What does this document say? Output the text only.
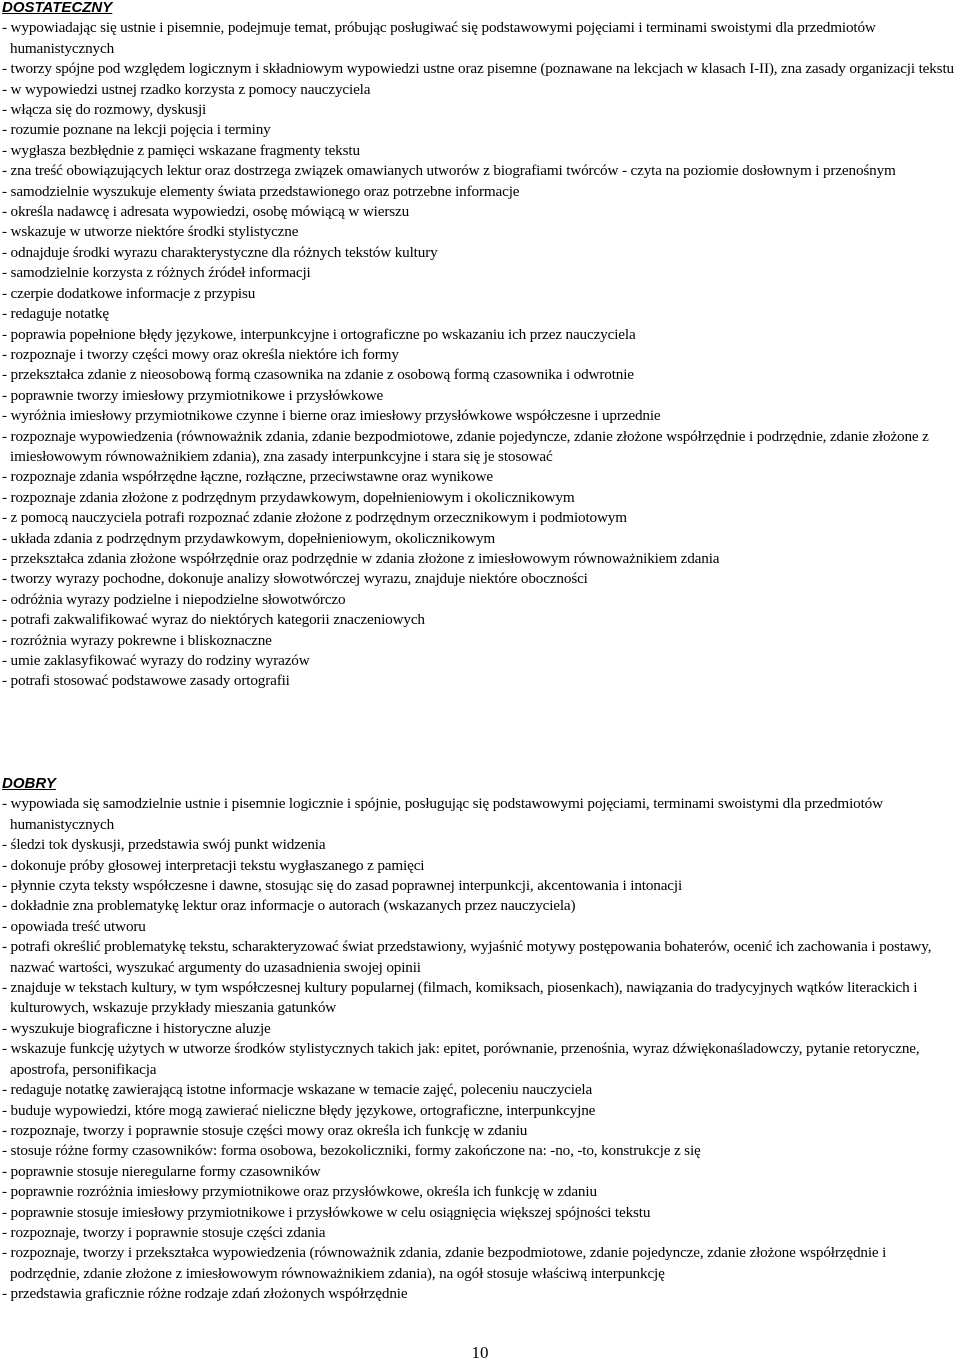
DOSTATECZNY

- wypowiadając się ustnie i pisemnie, podejmuje temat, próbując posługiwać się podstawowymi pojęciami i terminami swoistymi dla przedmiotów humanistycznych
- tworzy spójne pod względem logicznym i składniowym wypowiedzi ustne oraz pisemne (poznawane na lekcjach w klasach I-II), zna zasady organizacji tekstu
- w wypowiedzi ustnej rzadko korzysta z pomocy nauczyciela
- włącza się do rozmowy, dyskusji
- rozumie poznane na lekcji pojęcia i terminy
- wygłasza bezbłędnie z pamięci wskazane fragmenty tekstu
- zna treść obowiązujących lektur oraz dostrzega związek omawianych utworów z biografiami twórców - czyta na poziomie dosłownym i przenośnym
- samodzielnie wyszukuje elementy świata przedstawionego oraz potrzebne informacje
- określa nadawcę i adresata wypowiedzi, osobę mówiącą w wierszu
- wskazuje w utworze niektóre środki stylistyczne
- odnajduje środki wyrazu charakterystyczne dla różnych tekstów kultury
- samodzielnie korzysta z różnych źródeł informacji
- czerpie dodatkowe informacje z przypisu
- redaguje notatkę
- poprawia popełnione błędy językowe, interpunkcyjne i ortograficzne po wskazaniu ich przez nauczyciela
- rozpoznaje i tworzy części mowy oraz określa niektóre ich formy
- przekształca zdanie z nieosobową formą czasownika na zdanie z osobową formą czasownika i odwrotnie
- poprawnie tworzy imiesłowy przymiotnikowe i przysłówkowe
- wyróżnia imiesłowy przymiotnikowe czynne i bierne oraz imiesłowy przysłówkowe współczesne i uprzednie
- rozpoznaje wypowiedzenia (równoważnik zdania, zdanie bezpodmiotowe, zdanie pojedyncze, zdanie złożone współrzędnie i podrzędnie, zdanie złożone z imiesłowowym równoważnikiem zdania), zna zasady interpunkcyjne i stara się je stosować
- rozpoznaje zdania współrzędne łączne, rozłączne, przeciwstawne oraz wynikowe
- rozpoznaje zdania złożone z podrzędnym przydawkowym, dopełnieniowym i okolicznikowym
- z pomocą nauczyciela potrafi rozpoznać zdanie złożone z podrzędnym orzecznikowym i podmiotowym
- układa zdania z podrzędnym przydawkowym, dopełnieniowym, okolicznikowym
- przekształca zdania złożone współrzędnie oraz podrzędnie w zdania złożone z imiesłowowym równoważnikiem zdania
- tworzy wyrazy pochodne, dokonuje analizy słowotwórczej wyrazu, znajduje niektóre oboczności
- odróżnia wyrazy podzielne i niepodzielne słowotwórczo
- potrafi zakwalifikować wyraz do niektórych kategorii znaczeniowych
- rozróżnia wyrazy pokrewne i bliskoznaczne
- umie zaklasyfikować wyrazy do rodziny wyrazów
- potrafi stosować podstawowe zasady ortografii

DOBRY

- wypowiada się samodzielnie ustnie i pisemnie logicznie i spójnie, posługując się podstawowymi pojęciami, terminami swoistymi dla przedmiotów humanistycznych
- śledzi tok dyskusji, przedstawia swój punkt widzenia
- dokonuje próby głosowej interpretacji tekstu wygłaszanego z pamięci
- płynnie czyta teksty współczesne i dawne, stosując się do zasad poprawnej interpunkcji, akcentowania i intonacji
- dokładnie zna problematykę lektur oraz informacje o autorach (wskazanych przez nauczyciela)
- opowiada treść utworu
- potrafi określić problematykę tekstu, scharakteryzować świat przedstawiony, wyjaśnić motywy postępowania bohaterów, ocenić ich zachowania i postawy, nazwać wartości, wyszukać argumenty do uzasadnienia swojej opinii
- znajduje w tekstach kultury, w tym współczesnej kultury popularnej (filmach, komiksach, piosenkach), nawiązania do tradycyjnych wątków literackich i kulturowych, wskazuje przykłady mieszania gatunków
- wyszukuje biograficzne i historyczne aluzje
- wskazuje funkcję użytych w utworze środków stylistycznych takich jak: epitet, porównanie, przenośnia, wyraz dźwiękonaśladowczy, pytanie retoryczne, apostrofa, personifikacja
- redaguje notatkę zawierającą istotne informacje wskazane w temacie zajęć, poleceniu nauczyciela
- buduje wypowiedzi, które mogą zawierać nieliczne błędy językowe, ortograficzne, interpunkcyjne
- rozpoznaje, tworzy i poprawnie stosuje części mowy oraz określa ich funkcję w zdaniu
- stosuje różne formy czasowników: forma osobowa, bezokoliczniki, formy zakończone na: -no, -to, konstrukcje z się
- poprawnie stosuje nieregularne formy czasowników
- poprawnie rozróżnia imiesłowy przymiotnikowe oraz przysłówkowe, określa ich funkcję w zdaniu
- poprawnie stosuje imiesłowy przymiotnikowe i przysłówkowe w celu osiągnięcia większej spójności tekstu
- rozpoznaje, tworzy i poprawnie stosuje części zdania
- rozpoznaje, tworzy i przekształca wypowiedzenia (równoważnik zdania, zdanie bezpodmiotowe, zdanie pojedyncze, zdanie złożone współrzędnie i podrzędnie, zdanie złożone z imiesłowowym równoważnikiem zdania), na ogół stosuje właściwą interpunkcję
- przedstawia graficznie różne rodzaje zdań złożonych współrzędnie
10
